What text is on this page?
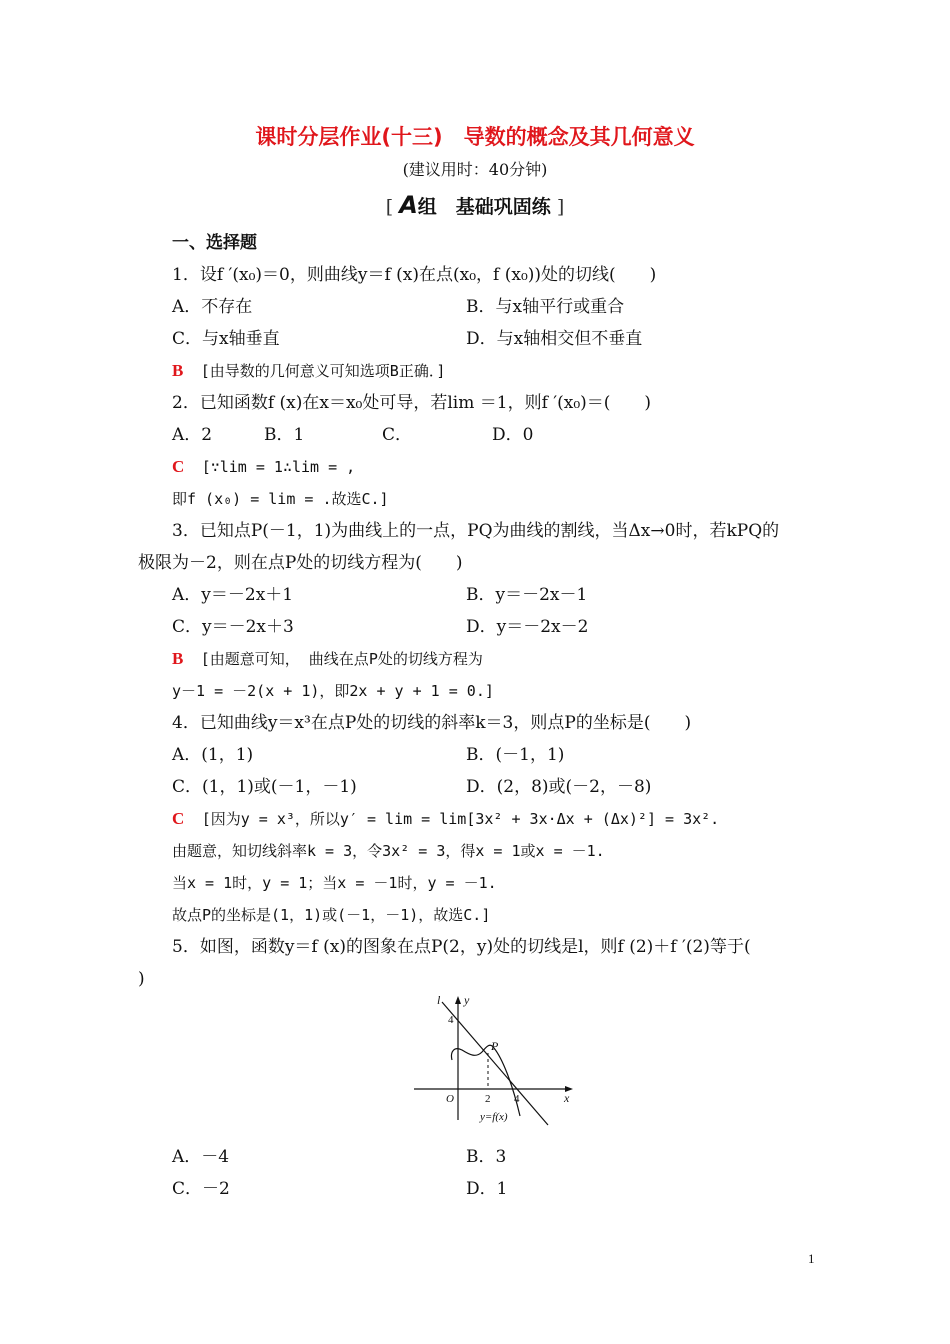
课时分层作业(十三)　导数的概念及其几何意义
(建议用时：40分钟)
[ A组　基础巩固练 ]
一、选择题
1．设f ′(x₀)＝0，则曲线y＝f (x)在点(x₀，f (x₀))处的切线(　　)
A．不存在	B．与x轴平行或重合
C．与x轴垂直	D．与x轴相交但不垂直
B [由导数的几何意义可知选项B正确．]
2．已知函数f (x)在x＝x₀处可导，若lim ＝1，则f ′(x₀)＝(　　)
A．2	B．1	C．	D．0
C [∵lim = 1∴lim = ,
即f (x₀) = lim = .故选C.]
3．已知点P(－1，1)为曲线上的一点，PQ为曲线的割线，当Δx→0时，若kPQ的
极限为－2，则在点P处的切线方程为(　　)
A．y＝－2x＋1	B．y＝－2x－1
C．y＝－2x＋3	D．y＝－2x－2
B [由题意可知， 曲线在点P处的切线方程为
y－1 = －2(x + 1)，即2x + y + 1 = 0.]
4．已知曲线y＝x³在点P处的切线的斜率k＝3，则点P的坐标是(　　)
A．(1，1)	B．(－1，1)
C．(1，1)或(－1，－1)	D．(2，8)或(－2，－8)
C [因为y = x³，所以y′ = lim = lim[3x² + 3x·Δx + (Δx)²] = 3x².
由题意，知切线斜率k = 3，令3x² = 3，得x = 1或x = －1.
当x = 1时，y = 1；当x = －1时，y = －1.
故点P的坐标是(1，1)或(－1，－1)，故选C.]
5．如图，函数y＝f (x)的图象在点P(2，y)处的切线是l，则f (2)＋f ′(2)等于(
)
l y
4
P
O	2 4	x
y=f(x)
A．－4	B．3
C．－2	D．1
1
